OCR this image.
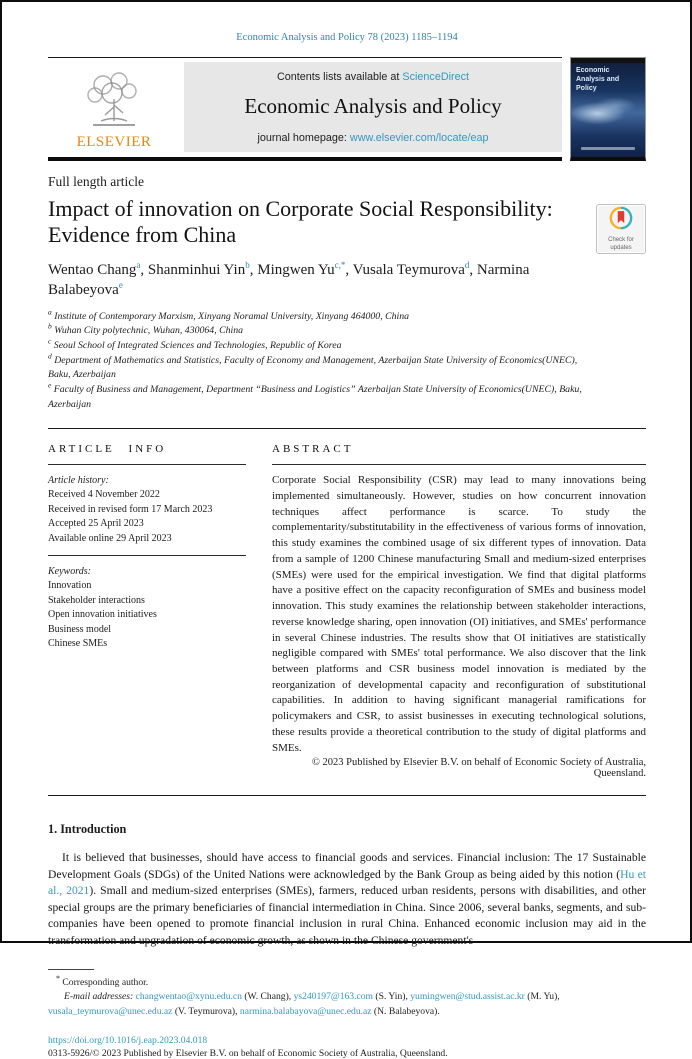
Economic Analysis and Policy 78 (2023) 1185–1194
ELSEVIER
Contents lists available at ScienceDirect
Economic Analysis and Policy
journal homepage: www.elsevier.com/locate/eap
Economic Analysis and Policy
Full length article
Impact of innovation on Corporate Social Responsibility: Evidence from China	Check for updates
Wentao Chang$^a$, Shanminhui Yin$^b$, Mingwen $Yu^{c,*}$, Vusala Teymurova$^d$, Narmina Balabeyova$^e$
$^a$ Institute of Contemporary Marxism, Xinyang Noramal University, Xinyang 464000, China
$^b$ Wuhan City polytechnic, Wuhan, 430064, China
$^c$ Seoul School of Integrated Sciences and Technologies, Republic of Korea
$^d$ Department of Mathematics and Statistics, Faculty of Economy and Management, Azerbaijan State University of Economics(UNEC), Baku, Azerbaijan
$^e$ Faculty of Business and Management, Department “Business and Logistics” Azerbaijan State University of Economics(UNEC), Baku, Azerbaijan
ARTICLE INFO
Article history:
Received 4 November 2022
Received in revised form 17 March 2023
Accepted 25 April 2023
Available online 29 April 2023
Keywords:
Innovation
Stakeholder interactions
Open innovation initiatives
Business model
Chinese SMEs
ABSTRACT
Corporate Social Responsibility (CSR) may lead to many innovations being implemented simultaneously. However, studies on how concurrent innovation techniques affect performance is scarce. To study the complementarity/substitutability in the effectiveness of various forms of innovation, this study examines the combined usage of six different types of innovation. Data from a sample of 1200 Chinese manufacturing Small and medium-sized enterprises (SMEs) were used for the empirical investigation. We find that digital platforms have a positive effect on the capacity reconfiguration of SMEs and business model innovation. This study examines the relationship between stakeholder interactions, reverse knowledge sharing, open innovation (OI) initiatives, and SMEs' performance in several Chinese industries. The results show that OI initiatives are statistically negligible compared with SMEs' total performance. We also discover that the link between platforms and CSR business model innovation is mediated by the reorganization of developmental capacity and reconfiguration of substitutional capabilities. In addition to having significant managerial ramifications for policymakers and CSR, to assist businesses in executing technological solutions, these results provide a theoretical contribution to the study of digital platforms and SMEs.
© 2023 Published by Elsevier B.V. on behalf of Economic Society of Australia, Queensland.
1. Introduction
It is believed that businesses, should have access to financial goods and services. Financial inclusion: The 17 Sustainable Development Goals (SDGs) of the United Nations were acknowledged by the Bank Group as being aided by this notion (Hu et al., 2021). Small and medium-sized enterprises (SMEs), farmers, reduced urban residents, persons with disabilities, and other special groups are the primary beneficiaries of financial intermediation in China. Since 2006, several banks, segments, and sub-companies have been opened to promote financial inclusion in rural China. Enhanced economic inclusion may aid in the transformation and upgradation of economic growth, as shown in the Chinese government's
* Corresponding author.
E-mail addresses: changwentao@xynu.edu.cn (W. Chang), ys240197@163.com (S. Yin), yumingwen@stud.assist.ac.kr (M. Yu), vusala_teymurova@unec.edu.az (V. Teymurova), narmina.balabayova@unec.edu.az (N. Balabeyova).
https://doi.org/10.1016/j.eap.2023.04.018
0313-5926/© 2023 Published by Elsevier B.V. on behalf of Economic Society of Australia, Queensland.
